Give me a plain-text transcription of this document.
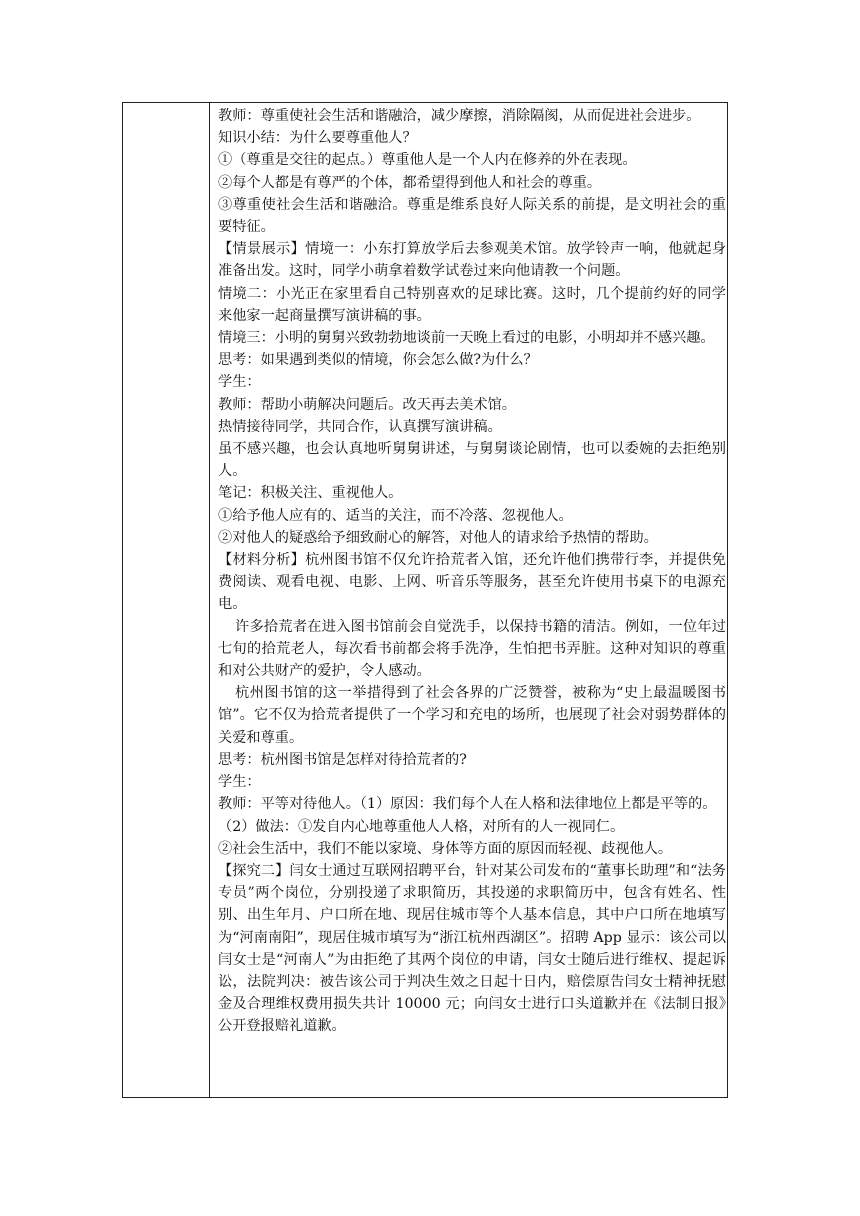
教师：尊重使社会生活和谐融洽，减少摩擦，消除隔阂，从而促进社会进步。

知识小结：为什么要尊重他人？

①（尊重是交往的起点。）尊重他人是一个人内在修养的外在表现。

②每个人都是有尊严的个体，都希望得到他人和社会的尊重。

③尊重使社会生活和谐融洽。尊重是维系良好人际关系的前提，是文明社会的重要特征。

【情景展示】情境一：小东打算放学后去参观美术馆。放学铃声一响，他就起身准备出发。这时，同学小萌拿着数学试卷过来向他请教一个问题。

情境二：小光正在家里看自己特别喜欢的足球比赛。这时，几个提前约好的同学来他家一起商量撰写演讲稿的事。

情境三：小明的舅舅兴致勃勃地谈前一天晚上看过的电影，小明却并不感兴趣。

思考：如果遇到类似的情境，你会怎么做?为什么？

学生：

教师：帮助小萌解决问题后。改天再去美术馆。

热情接待同学，共同合作，认真撰写演讲稿。

虽不感兴趣，也会认真地听舅舅讲述，与舅舅谈论剧情，也可以委婉的去拒绝别人。

笔记：积极关注、重视他人。

①给予他人应有的、适当的关注，而不冷落、忽视他人。

②对他人的疑惑给予细致耐心的解答，对他人的请求给予热情的帮助。

【材料分析】杭州图书馆不仅允许拾荒者入馆，还允许他们携带行李，并提供免费阅读、观看电视、电影、上网、听音乐等服务，甚至允许使用书桌下的电源充电。

许多拾荒者在进入图书馆前会自觉洗手，以保持书籍的清洁。例如，一位年过七旬的拾荒老人，每次看书前都会将手洗净，生怕把书弄脏。这种对知识的尊重和对公共财产的爱护，令人感动。

杭州图书馆的这一举措得到了社会各界的广泛赞誉，被称为“史上最温暖图书馆”。它不仅为拾荒者提供了一个学习和充电的场所，也展现了社会对弱势群体的关爱和尊重。

思考：杭州图书馆是怎样对待拾荒者的?

学生：

教师：平等对待他人。（1）原因：我们每个人在人格和法律地位上都是平等的。

（2）做法：①发自内心地尊重他人人格，对所有的人一视同仁。

②社会生活中，我们不能以家境、身体等方面的原因而轻视、歧视他人。

【探究二】闫女士通过互联网招聘平台，针对某公司发布的“董事长助理”和“法务专员”两个岗位，分别投递了求职简历，其投递的求职简历中，包含有姓名、性别、出生年月、户口所在地、现居住城市等个人基本信息，其中户口所在地填写为“河南南阳”，现居住城市填写为“浙江杭州西湖区”。招聘 App 显示：该公司以闫女士是“河南人”为由拒绝了其两个岗位的申请，闫女士随后进行维权、提起诉讼，法院判决：被告该公司于判决生效之日起十日内，赔偿原告闫女士精神抚慰金及合理维权费用损失共计 10000 元；向闫女士进行口头道歉并在《法制日报》公开登报赔礼道歉。
